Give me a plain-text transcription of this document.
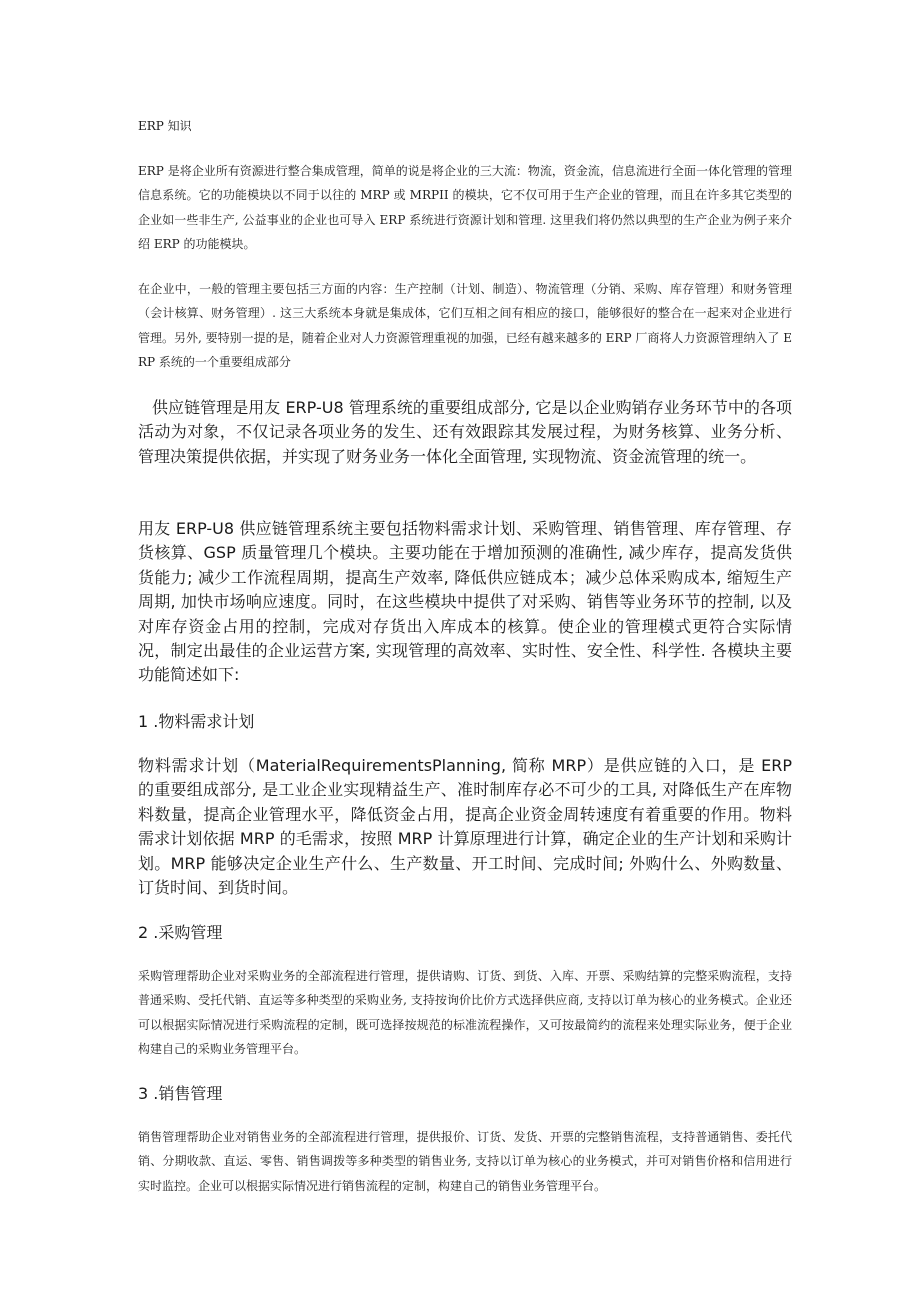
ERP 知识

ERP 是将企业所有资源进行整合集成管理，简单的说是将企业的三大流：物流，资金流，信息流进行全面一体化管理的管理信息系统。它的功能模块以不同于以往的 MRP 或 MRPII 的模块，它不仅可用于生产企业的管理，而且在许多其它类型的企业如一些非生产, 公益事业的企业也可导入 ERP 系统进行资源计划和管理. 这里我们将仍然以典型的生产企业为例子来介绍 ERP 的功能模块。

在企业中，一般的管理主要包括三方面的内容：生产控制（计划、制造）、物流管理（分销、采购、库存管理）和财务管理（会计核算、财务管理）. 这三大系统本身就是集成体，它们互相之间有相应的接口，能够很好的整合在一起来对企业进行管理。另外, 要特别一提的是，随着企业对人力资源管理重视的加强，已经有越来越多的 ERP 厂商将人力资源管理纳入了 ERP 系统的一个重要组成部分

供应链管理是用友 ERP-U8 管理系统的重要组成部分, 它是以企业购销存业务环节中的各项活动为对象，不仅记录各项业务的发生、还有效跟踪其发展过程，为财务核算、业务分析、管理决策提供依据，并实现了财务业务一体化全面管理, 实现物流、资金流管理的统一。

用友 ERP-U8 供应链管理系统主要包括物料需求计划、采购管理、销售管理、库存管理、存货核算、GSP 质量管理几个模块。主要功能在于增加预测的准确性, 减少库存，提高发货供货能力; 减少工作流程周期，提高生产效率, 降低供应链成本；减少总体采购成本, 缩短生产周期, 加快市场响应速度。同时，在这些模块中提供了对采购、销售等业务环节的控制, 以及对库存资金占用的控制，完成对存货出入库成本的核算。使企业的管理模式更符合实际情况，制定出最佳的企业运营方案, 实现管理的高效率、实时性、安全性、科学性. 各模块主要功能简述如下:

1 .物料需求计划

物料需求计划（MaterialRequirementsPlanning, 简称 MRP）是供应链的入口，是 ERP 的重要组成部分, 是工业企业实现精益生产、准时制库存必不可少的工具, 对降低生产在库物料数量，提高企业管理水平，降低资金占用，提高企业资金周转速度有着重要的作用。物料需求计划依据 MRP 的毛需求，按照 MRP 计算原理进行计算，确定企业的生产计划和采购计划。MRP 能够决定企业生产什么、生产数量、开工时间、完成时间; 外购什么、外购数量、订货时间、到货时间。

2 .采购管理

采购管理帮助企业对采购业务的全部流程进行管理，提供请购、订货、到货、入库、开票、采购结算的完整采购流程，支持普通采购、受托代销、直运等多种类型的采购业务, 支持按询价比价方式选择供应商, 支持以订单为核心的业务模式。企业还可以根据实际情况进行采购流程的定制，既可选择按规范的标准流程操作，又可按最简约的流程来处理实际业务，便于企业构建自己的采购业务管理平台。

3 .销售管理

销售管理帮助企业对销售业务的全部流程进行管理，提供报价、订货、发货、开票的完整销售流程，支持普通销售、委托代销、分期收款、直运、零售、销售调拨等多种类型的销售业务, 支持以订单为核心的业务模式，并可对销售价格和信用进行实时监控。企业可以根据实际情况进行销售流程的定制，构建自己的销售业务管理平台。
